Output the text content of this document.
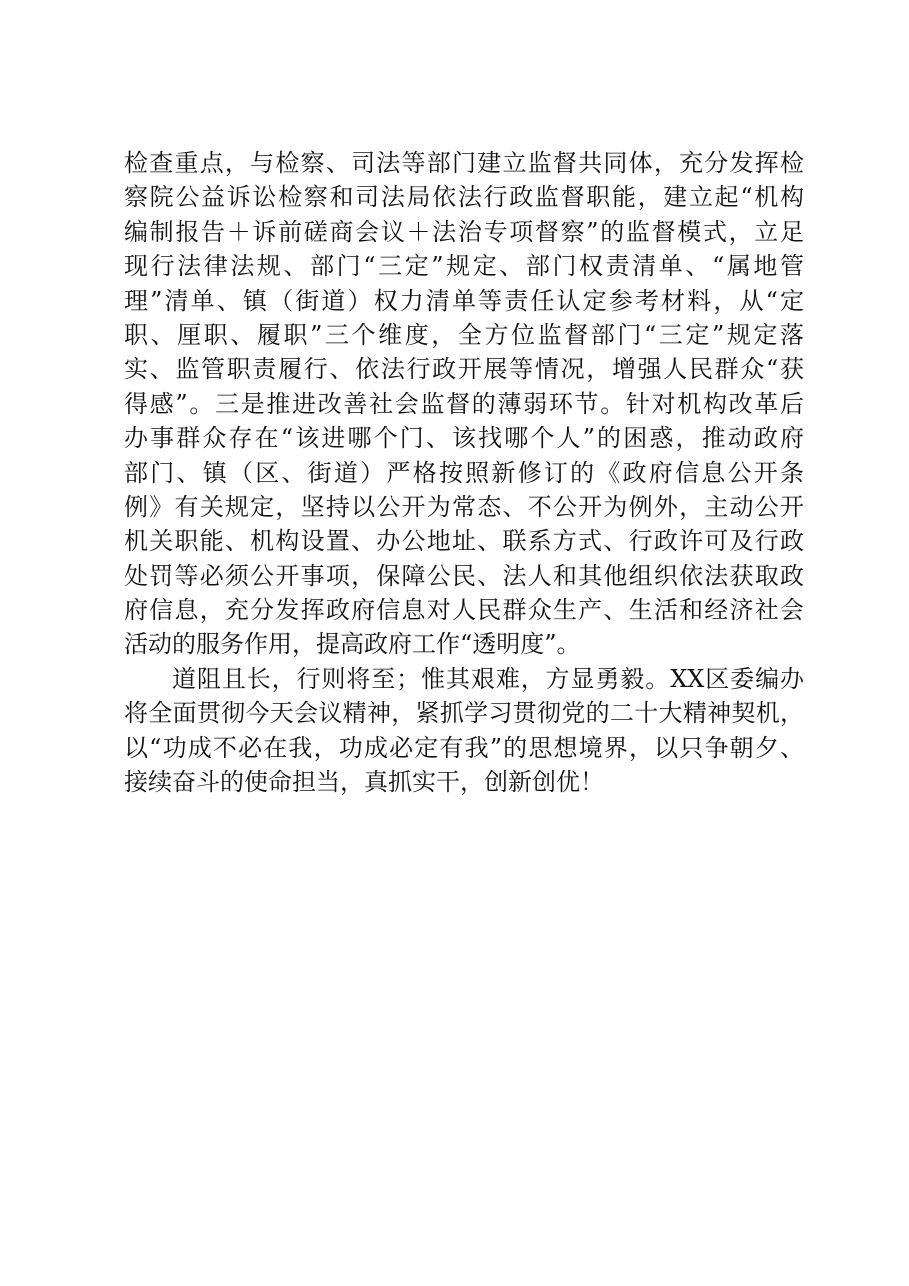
检查重点，与检察、司法等部门建立监督共同体，充分发挥检
察院公益诉讼检察和司法局依法行政监督职能，建立起“机构
编制报告＋诉前磋商会议＋法治专项督察”的监督模式，立足
现行法律法规、部门“三定”规定、部门权责清单、“属地管
理”清单、镇（街道）权力清单等责任认定参考材料，从“定
职、厘职、履职”三个维度，全方位监督部门“三定”规定落
实、监管职责履行、依法行政开展等情况，增强人民群众“获
得感”。三是推进改善社会监督的薄弱环节。针对机构改革后
办事群众存在“该进哪个门、该找哪个人”的困惑，推动政府
部门、镇（区、街道）严格按照新修订的《政府信息公开条
例》有关规定，坚持以公开为常态、不公开为例外，主动公开
机关职能、机构设置、办公地址、联系方式、行政许可及行政
处罚等必须公开事项，保障公民、法人和其他组织依法获取政
府信息，充分发挥政府信息对人民群众生产、生活和经济社会
活动的服务作用，提高政府工作“透明度”。
道阻且长，行则将至；惟其艰难，方显勇毅。XX区委编办
将全面贯彻今天会议精神，紧抓学习贯彻党的二十大精神契机，
以“功成不必在我，功成必定有我”的思想境界，以只争朝夕、
接续奋斗的使命担当，真抓实干，创新创优！
